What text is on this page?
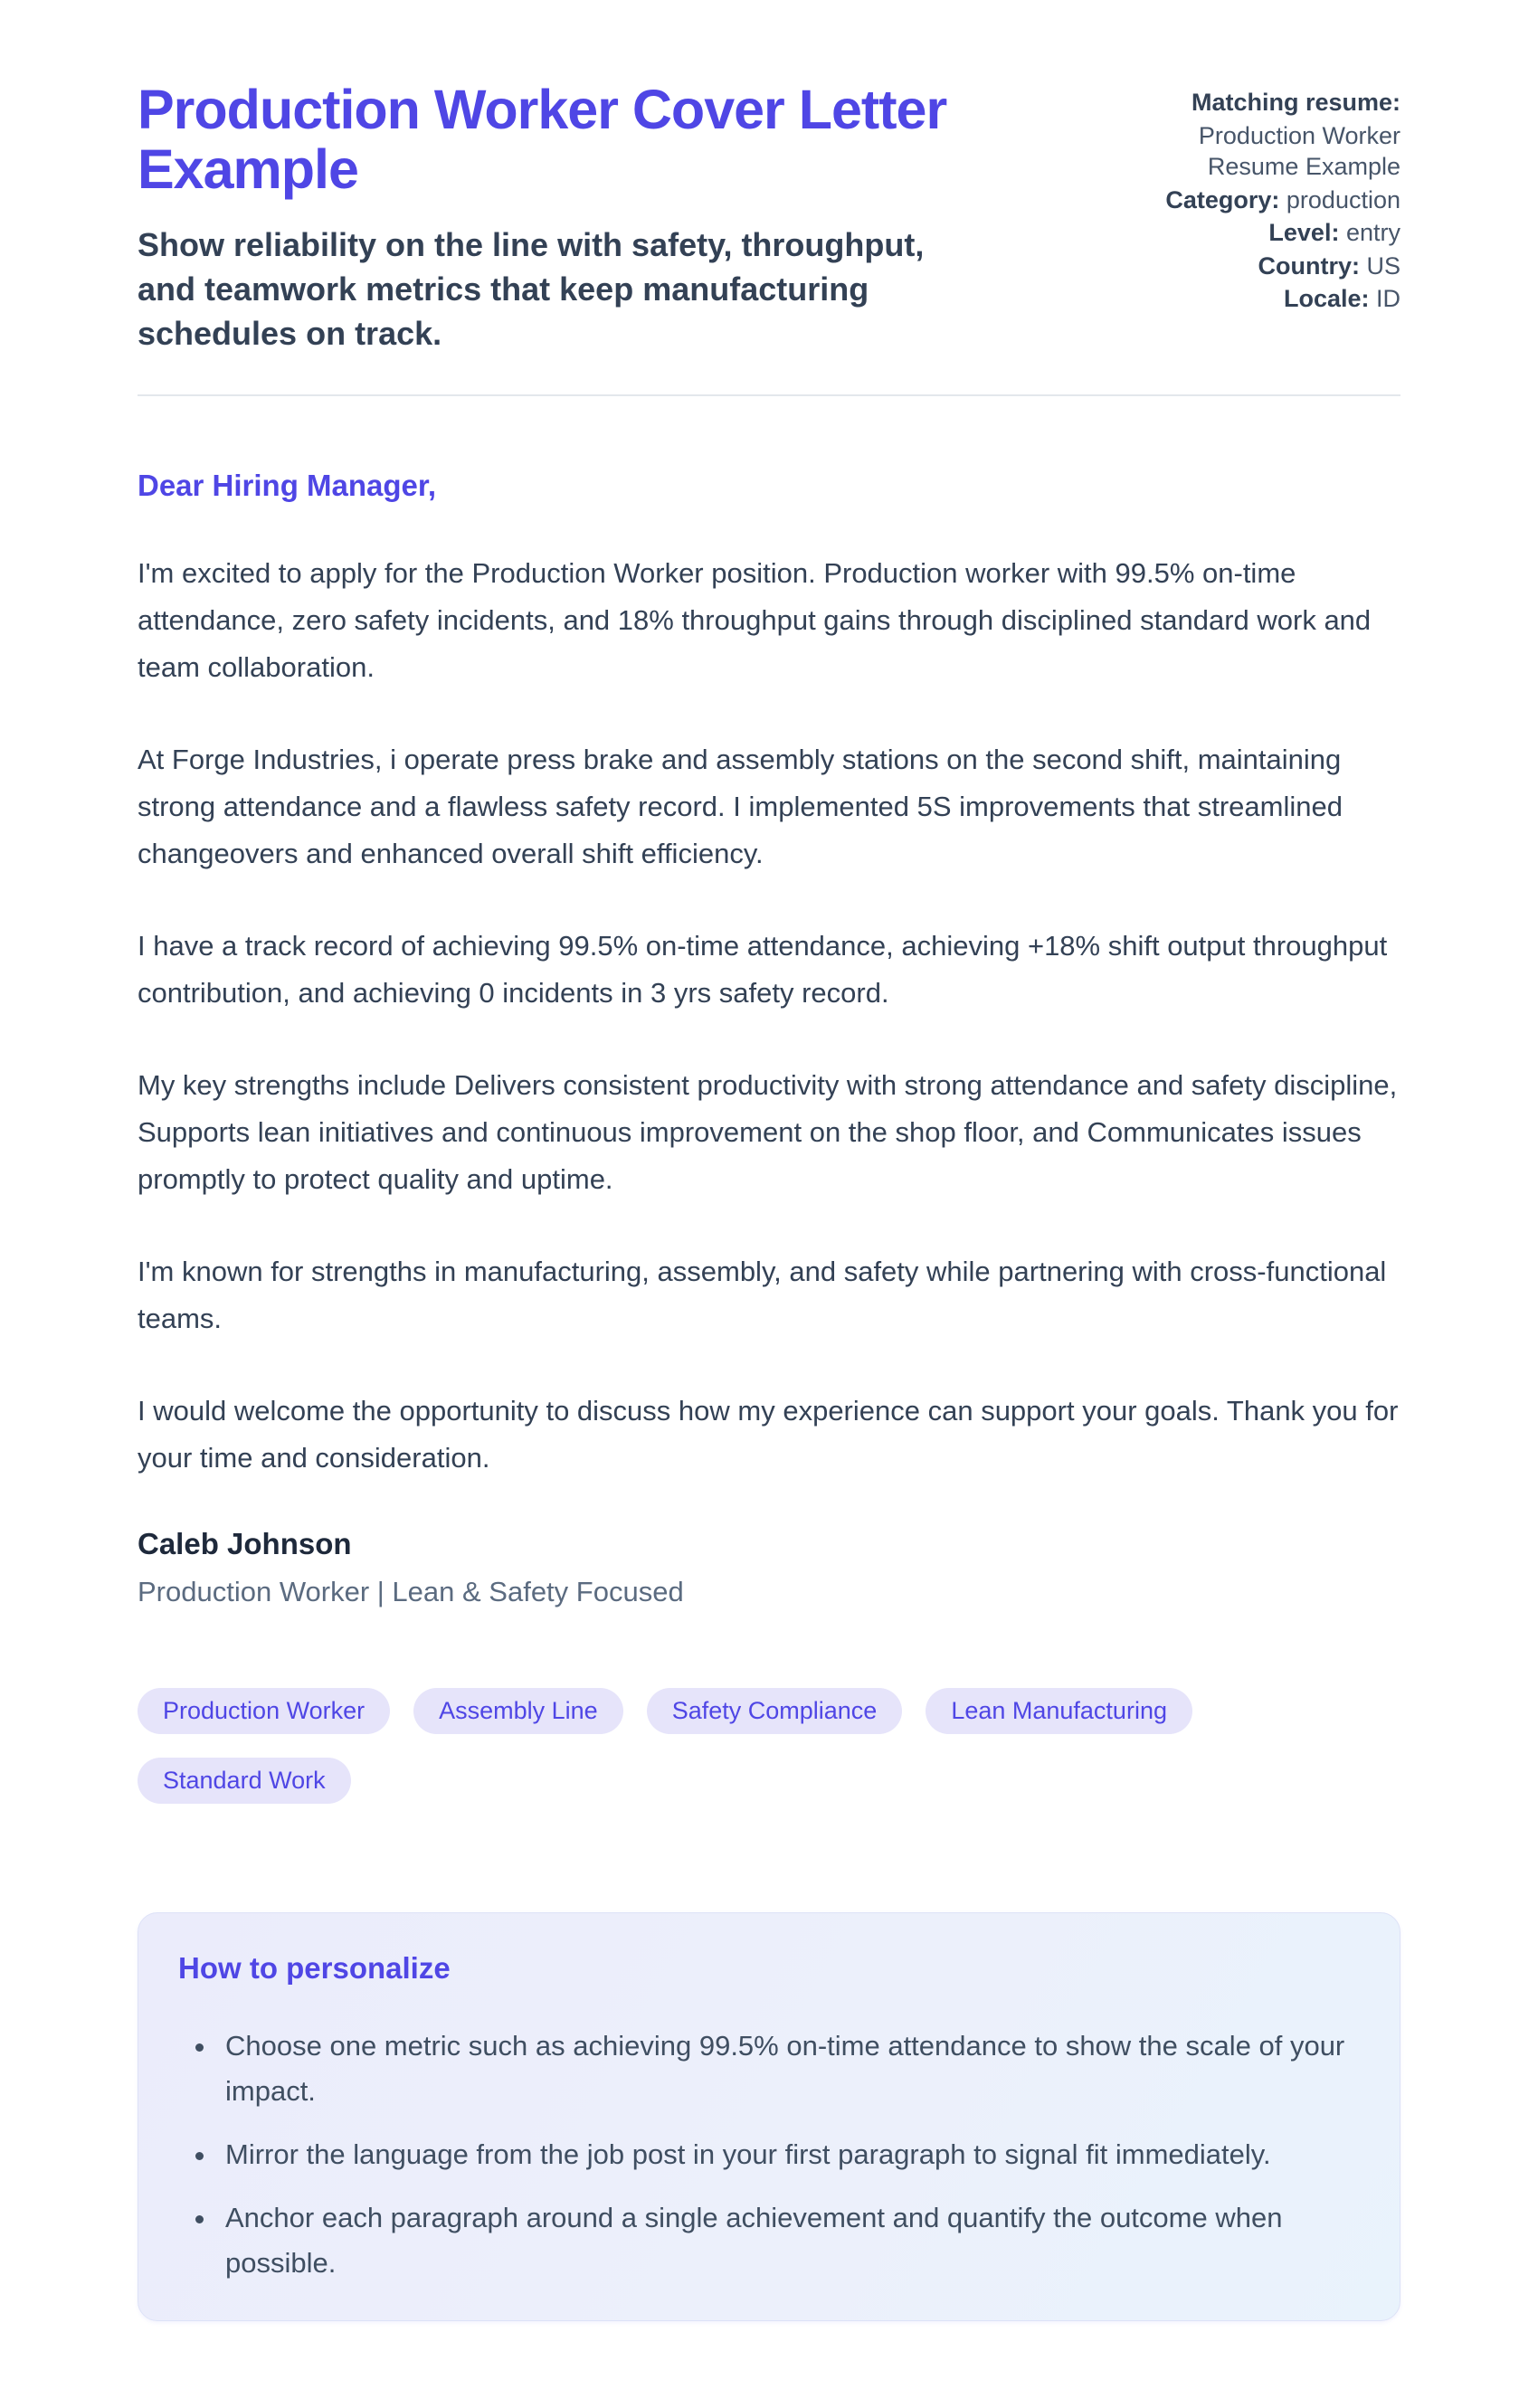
Production Worker Cover Letter Example
Show reliability on the line with safety, throughput, and teamwork metrics that keep manufacturing schedules on track.
Matching resume:
Production Worker Resume Example
Category: production
Level: entry
Country: US
Locale: ID
Dear Hiring Manager,

I'm excited to apply for the Production Worker position. Production worker with 99.5% on-time attendance, zero safety incidents, and 18% throughput gains through disciplined standard work and team collaboration.

At Forge Industries, i operate press brake and assembly stations on the second shift, maintaining strong attendance and a flawless safety record. I implemented 5S improvements that streamlined changeovers and enhanced overall shift efficiency.

I have a track record of achieving 99.5% on-time attendance, achieving +18% shift output throughput contribution, and achieving 0 incidents in 3 yrs safety record.

My key strengths include Delivers consistent productivity with strong attendance and safety discipline, Supports lean initiatives and continuous improvement on the shop floor, and Communicates issues promptly to protect quality and uptime.

I'm known for strengths in manufacturing, assembly, and safety while partnering with cross-functional teams.

I would welcome the opportunity to discuss how my experience can support your goals. Thank you for your time and consideration.

Caleb Johnson
Production Worker | Lean & Safety Focused
Production Worker	Assembly Line	Safety Compliance	Lean Manufacturing
Standard Work
How to personalize
• Choose one metric such as achieving 99.5% on-time attendance to show the scale of your impact.
• Mirror the language from the job post in your first paragraph to signal fit immediately.
• Anchor each paragraph around a single achievement and quantify the outcome when possible.
